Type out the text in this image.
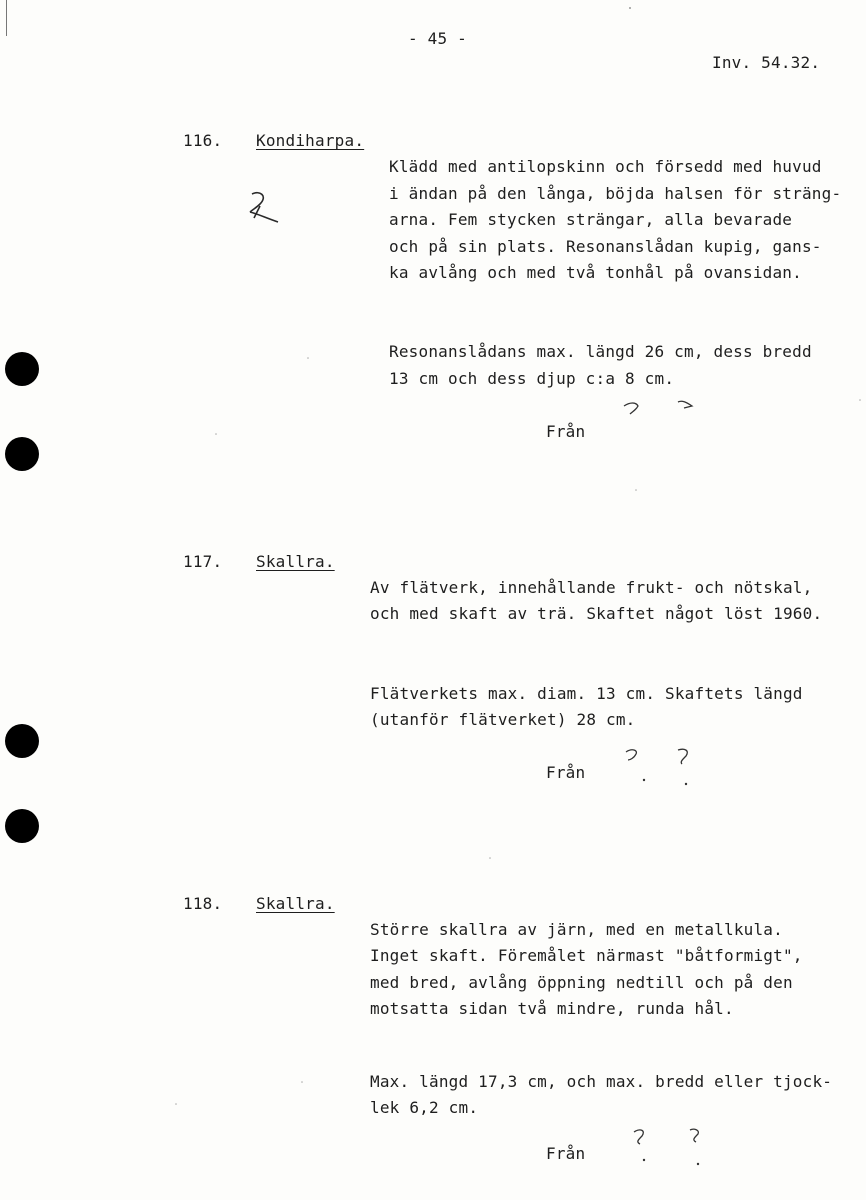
- 45 -
Inv. 54.32.
116. Kondiharpa.
Klädd med antilopskinn och försedd med huvud
i ändan på den långa, böjda halsen för sträng-
arna. Fem stycken strängar, alla bevarade
och på sin plats. Resonanslådan kupig, gans-
ka avlång och med två tonhål på ovansidan.
Resonanslådans max. längd 26 cm, dess bredd
13 cm och dess djup c:a 8 cm.
Från
117. Skallra.
Av flätverk, innehållande frukt- och nötskal,
och med skaft av trä. Skaftet något löst 1960.
Flätverkets max. diam. 13 cm. Skaftets längd
(utanför flätverket) 28 cm.
Från
118. Skallra.
Större skallra av järn, med en metallkula.
Inget skaft. Föremålet närmast "båtformigt",
med bred, avlång öppning nedtill och på den
motsatta sidan två mindre, runda hål.
Max. längd 17,3 cm, och max. bredd eller tjock-
lek 6,2 cm.
Från
